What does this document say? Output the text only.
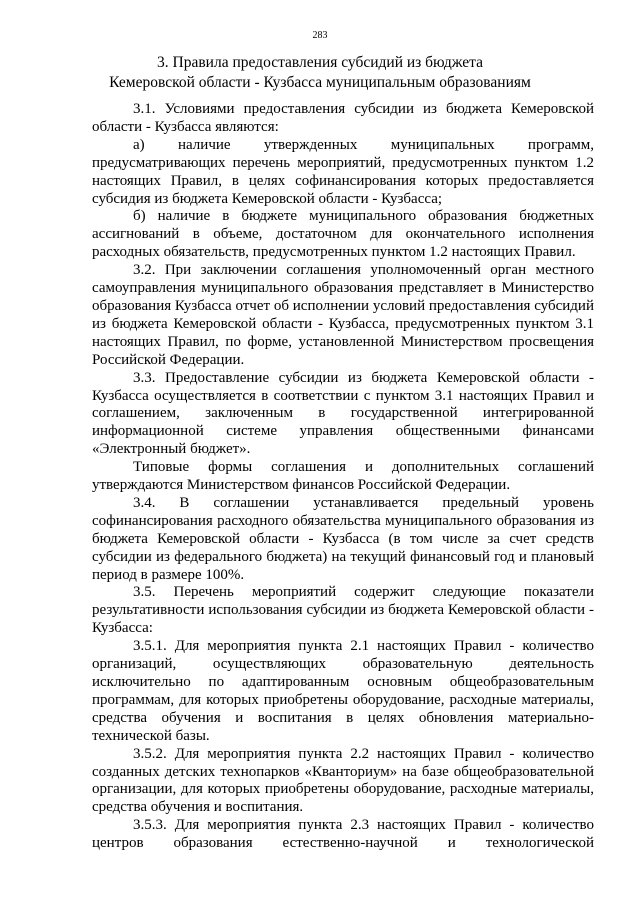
283
3. Правила предоставления субсидий из бюджета
Кемеровской области - Кузбасса муниципальным образованиям

3.1. Условиями предоставления субсидии из бюджета Кемеровской области - Кузбасса являются:

а) наличие утвержденных муниципальных программ, предусматривающих перечень мероприятий, предусмотренных пунктом 1.2 настоящих Правил, в целях софинансирования которых предоставляется субсидия из бюджета Кемеровской области - Кузбасса;

б) наличие в бюджете муниципального образования бюджетных ассигнований в объеме, достаточном для окончательного исполнения расходных обязательств, предусмотренных пунктом 1.2 настоящих Правил.

3.2. При заключении соглашения уполномоченный орган местного самоуправления муниципального образования представляет в Министерство образования Кузбасса отчет об исполнении условий предоставления субсидий из бюджета Кемеровской области - Кузбасса, предусмотренных пунктом 3.1 настоящих Правил, по форме, установленной Министерством просвещения Российской Федерации.

3.3. Предоставление субсидии из бюджета Кемеровской области - Кузбасса осуществляется в соответствии с пунктом 3.1 настоящих Правил и соглашением, заключенным в государственной интегрированной информационной системе управления общественными финансами «Электронный бюджет».

Типовые формы соглашения и дополнительных соглашений утверждаются Министерством финансов Российской Федерации.

3.4. В соглашении устанавливается предельный уровень софинансирования расходного обязательства муниципального образования из бюджета Кемеровской области - Кузбасса (в том числе за счет средств субсидии из федерального бюджета) на текущий финансовый год и плановый период в размере 100%.

3.5. Перечень мероприятий содержит следующие показатели результативности использования субсидии из бюджета Кемеровской области - Кузбасса:

3.5.1. Для мероприятия пункта 2.1 настоящих Правил - количество организаций, осуществляющих образовательную деятельность исключительно по адаптированным основным общеобразовательным программам, для которых приобретены оборудование, расходные материалы, средства обучения и воспитания в целях обновления материально-технической базы.

3.5.2. Для мероприятия пункта 2.2 настоящих Правил - количество созданных детских технопарков «Кванториум» на базе общеобразовательной организации, для которых приобретены оборудование, расходные материалы, средства обучения и воспитания.

3.5.3. Для мероприятия пункта 2.3 настоящих Правил - количество центров образования естественно-научной и технологической
